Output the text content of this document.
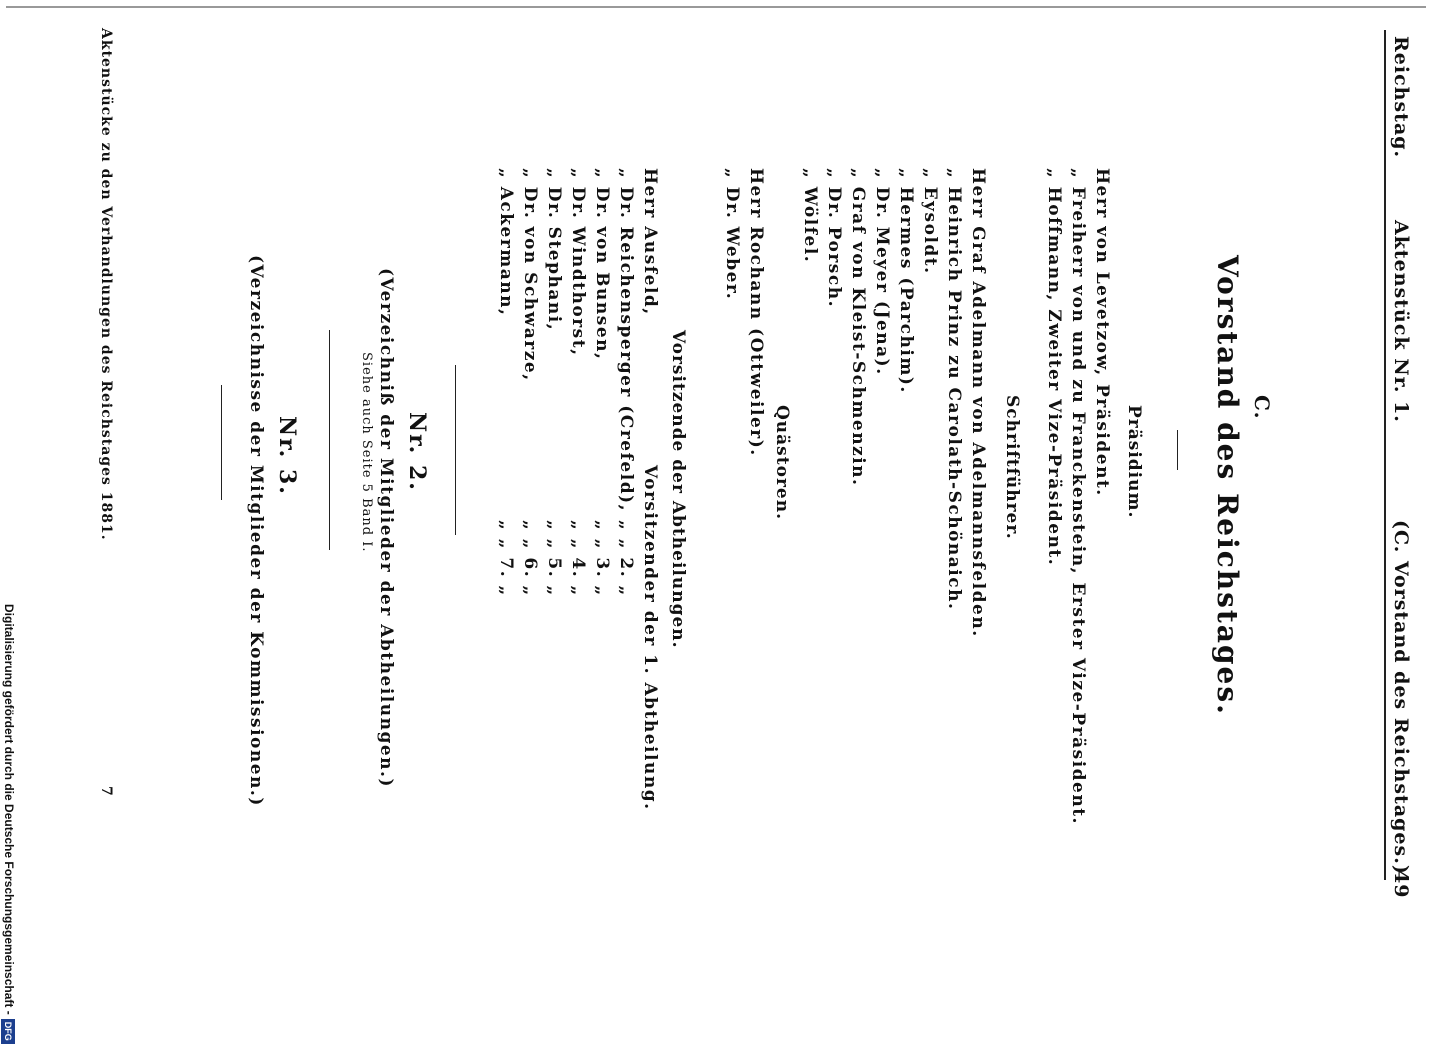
Reichstag.
Aktenstück Nr. 1.
(C. Vorstand des Reichstages.)
49
C.
Vorstand des Reichstages.
Präsidium.
Herr von Levetzow, Präsident.
„ Freiherr von und zu Franckenstein, Erster Vize-Präsident.
„ Hoffmann, Zweiter Vize-Präsident.
Schriftführer.
Herr Graf Adelmann von Adelmannsfelden.
„ Heinrich Prinz zu Carolath-Schönaich.
„ Eysoldt.
„ Hermes (Parchim).
„ Dr. Meyer (Jena).
„ Graf von Kleist-Schmenzin.
„ Dr. Porsch.
„ Wölfel.
Quästoren.
Herr Rochann (Ottweiler).
„ Dr. Weber.
Vorsitzende der Abtheilungen.
Herr Ausfeld,
Vorsitzender der 1. Abtheilung.
„ Dr. Reichensperger (Crefeld),
„ „ 2. „
„ Dr. von Bunsen,
„ „ 3. „
„ Dr. Windthorst,
„ „ 4. „
„ Dr. Stephani,
„ „ 5. „
„ Dr. von Schwarze,
„ „ 6. „
„ Ackermann,
„ „ 7. „
Nr. 2.
(Verzeichniß der Mitglieder der Abtheilungen.)
Siehe auch Seite 5 Band I.
Nr. 3.
(Verzeichnisse der Mitglieder der Kommissionen.)
Aktenstücke zu den Verhandlungen des Reichstages 1881.
7
Digitalisierung gefördert durch die Deutsche Forschungsgemeinschaft -DFG
